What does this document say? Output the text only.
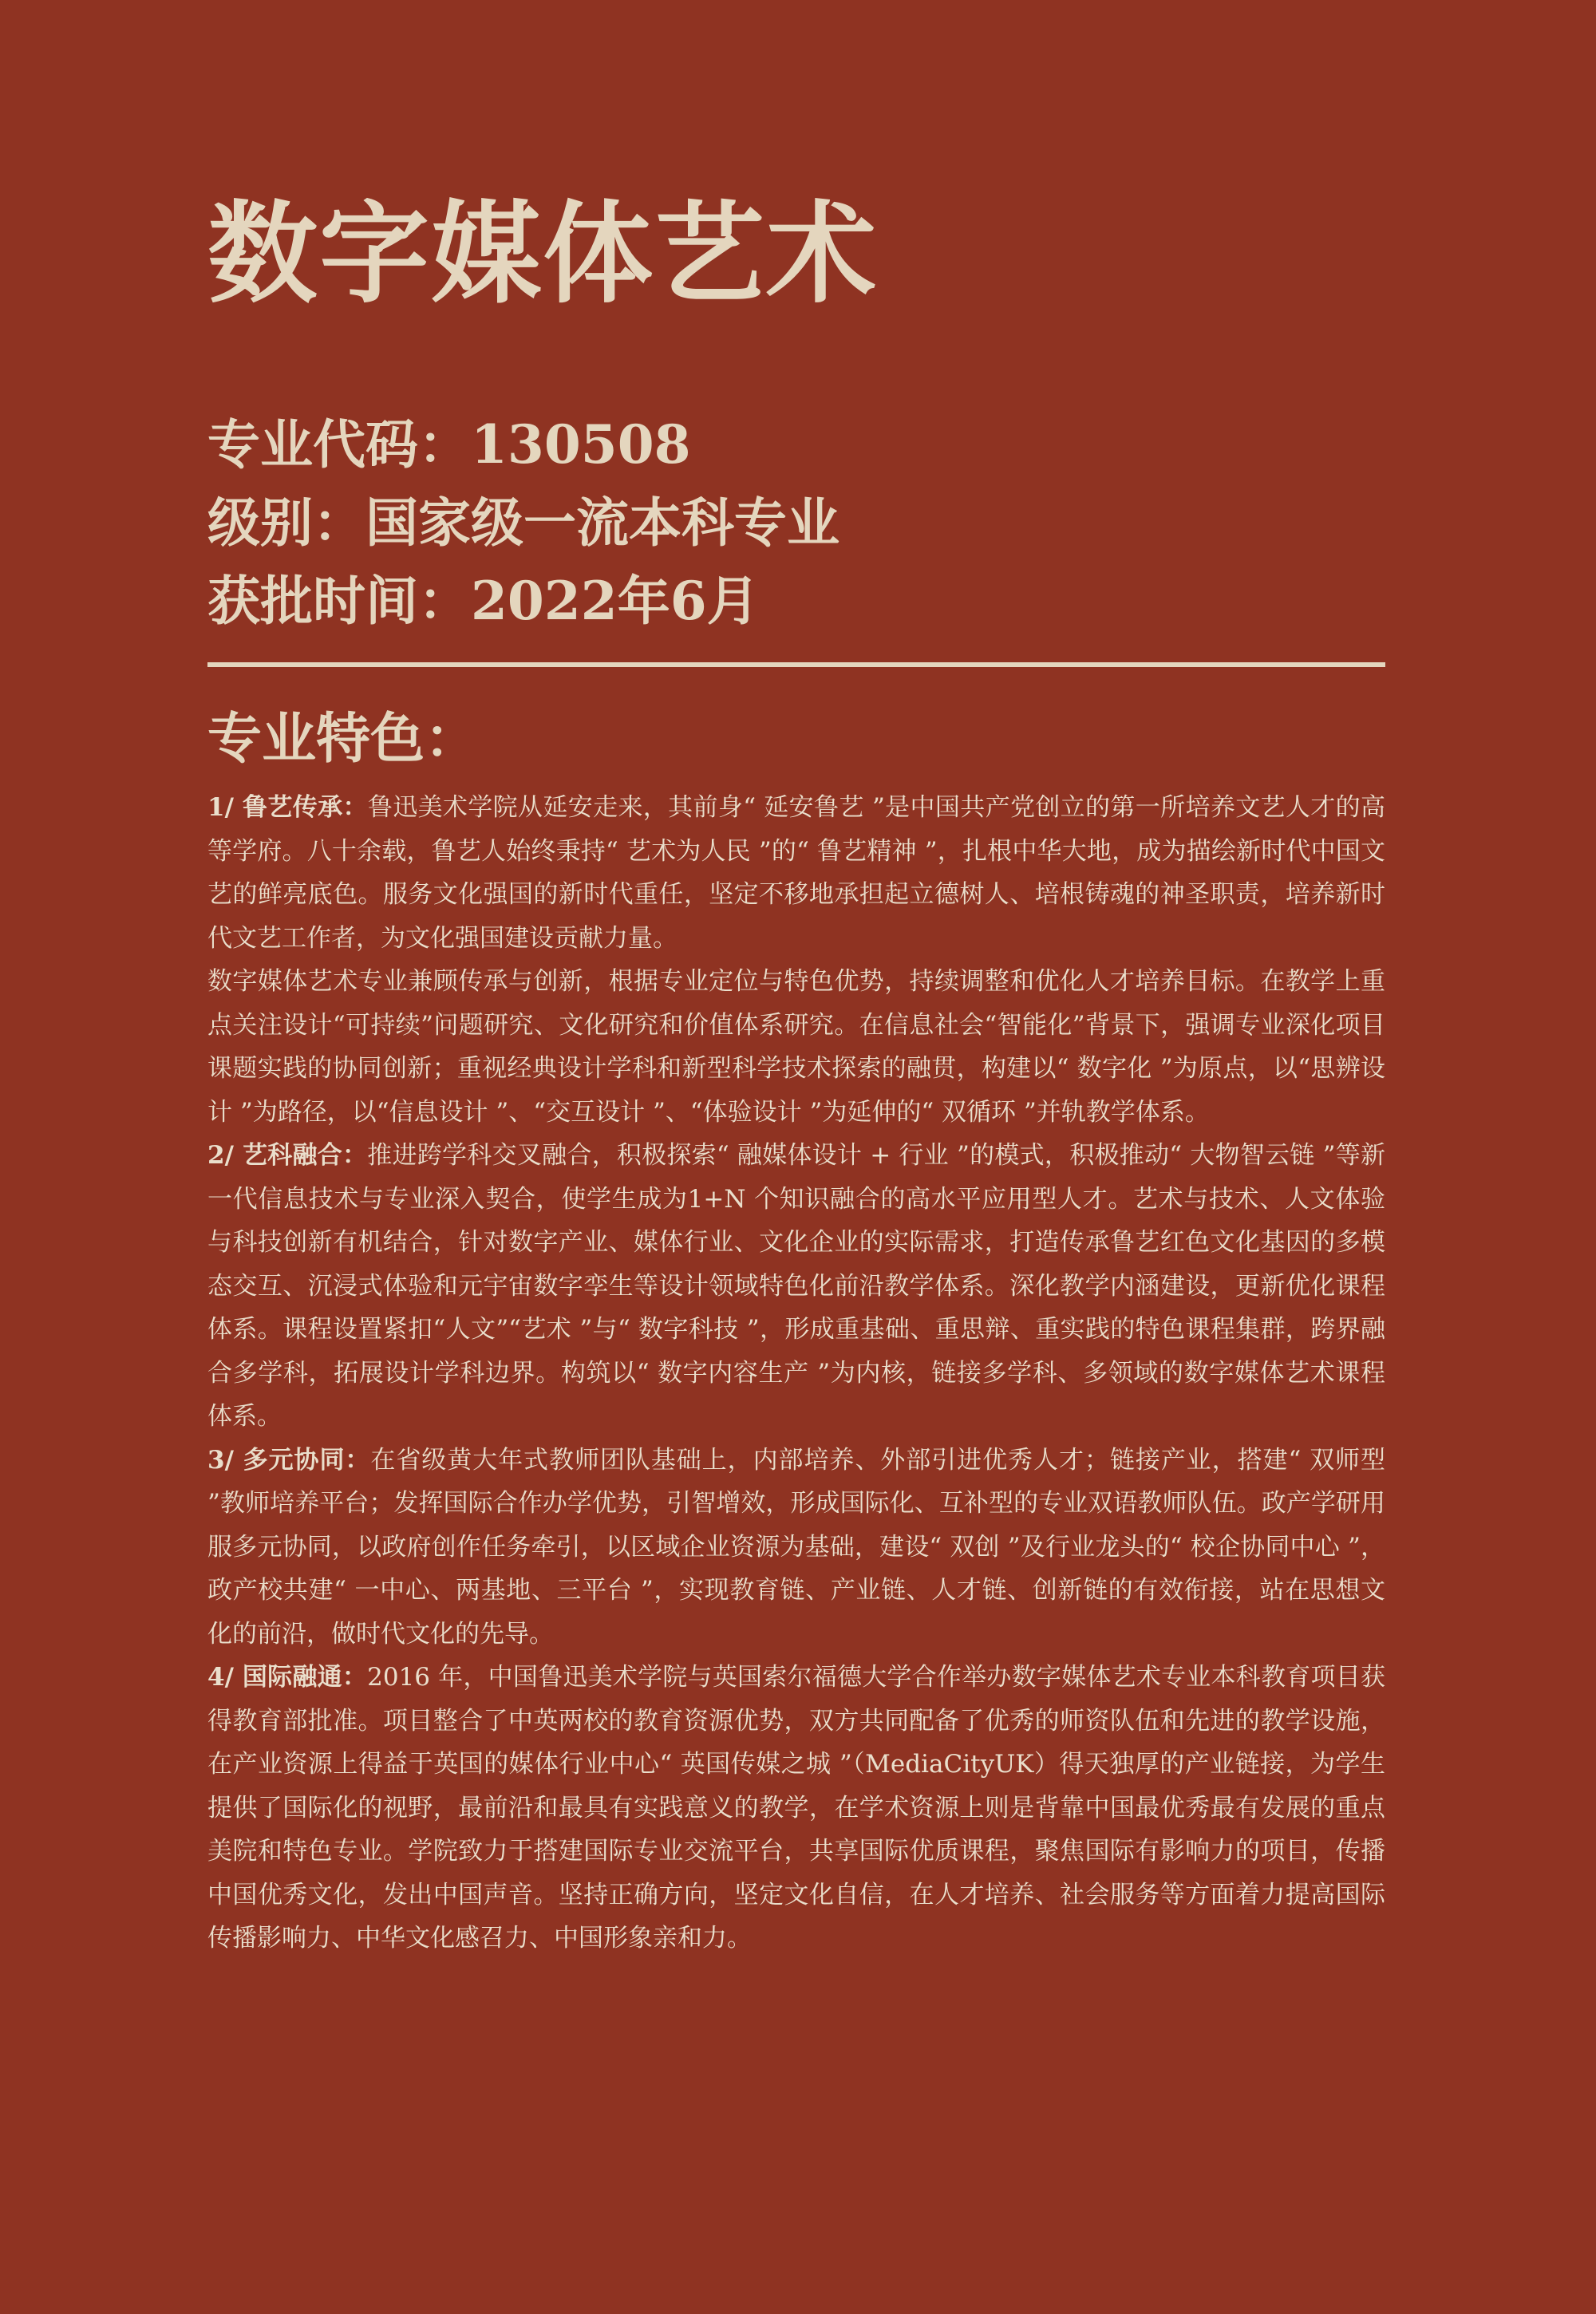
数字媒体艺术
专业代码：130508
级别：国家级一流本科专业
获批时间：2022年6月
专业特色：

1/ 鲁艺传承：鲁迅美术学院从延安走来，其前身“ 延安鲁艺 ”是中国共产党创立的第一所培养文艺人才的高等学府。八十余载，鲁艺人始终秉持“ 艺术为人民 ”的“ 鲁艺精神 ”，扎根中华大地，成为描绘新时代中国文艺的鲜亮底色。服务文化强国的新时代重任，坚定不移地承担起立德树人、培根铸魂的神圣职责，培养新时代文艺工作者，为文化强国建设贡献力量。

数字媒体艺术专业兼顾传承与创新，根据专业定位与特色优势，持续调整和优化人才培养目标。在教学上重点关注设计“可持续”问题研究、文化研究和价值体系研究。在信息社会“智能化”背景下，强调专业深化项目课题实践的协同创新；重视经典设计学科和新型科学技术探索的融贯，构建以“ 数字化 ”为原点，以“思辨设计 ”为路径，以“信息设计 ”、“交互设计 ”、“体验设计 ”为延伸的“ 双循环 ”并轨教学体系。

2/ 艺科融合：推进跨学科交叉融合，积极探索“ 融媒体设计 + 行业 ”的模式，积极推动“ 大物智云链 ”等新一代信息技术与专业深入契合，使学生成为1+N 个知识融合的高水平应用型人才。艺术与技术、人文体验与科技创新有机结合，针对数字产业、媒体行业、文化企业的实际需求，打造传承鲁艺红色文化基因的多模态交互、沉浸式体验和元宇宙数字孪生等设计领域特色化前沿教学体系。深化教学内涵建设，更新优化课程体系。课程设置紧扣“人文”“艺术 ”与“ 数字科技 ”，形成重基础、重思辩、重实践的特色课程集群，跨界融合多学科，拓展设计学科边界。构筑以“ 数字内容生产 ”为内核，链接多学科、多领域的数字媒体艺术课程体系。

3/ 多元协同：在省级黄大年式教师团队基础上，内部培养、外部引进优秀人才；链接产业，搭建“ 双师型 ”教师培养平台；发挥国际合作办学优势，引智增效，形成国际化、互补型的专业双语教师队伍。政产学研用服多元协同，以政府创作任务牵引，以区域企业资源为基础，建设“ 双创 ”及行业龙头的“ 校企协同中心 ”，政产校共建“ 一中心、两基地、三平台 ”，实现教育链、产业链、人才链、创新链的有效衔接，站在思想文化的前沿，做时代文化的先导。

4/ 国际融通：2016 年，中国鲁迅美术学院与英国索尔福德大学合作举办数字媒体艺术专业本科教育项目获得教育部批准。项目整合了中英两校的教育资源优势，双方共同配备了优秀的师资队伍和先进的教学设施，在产业资源上得益于英国的媒体行业中心“ 英国传媒之城 ”（MediaCityUK）得天独厚的产业链接，为学生提供了国际化的视野，最前沿和最具有实践意义的教学，在学术资源上则是背靠中国最优秀最有发展的重点美院和特色专业。学院致力于搭建国际专业交流平台，共享国际优质课程，聚焦国际有影响力的项目，传播中国优秀文化，发出中国声音。坚持正确方向，坚定文化自信，在人才培养、社会服务等方面着力提高国际传播影响力、中华文化感召力、中国形象亲和力。
